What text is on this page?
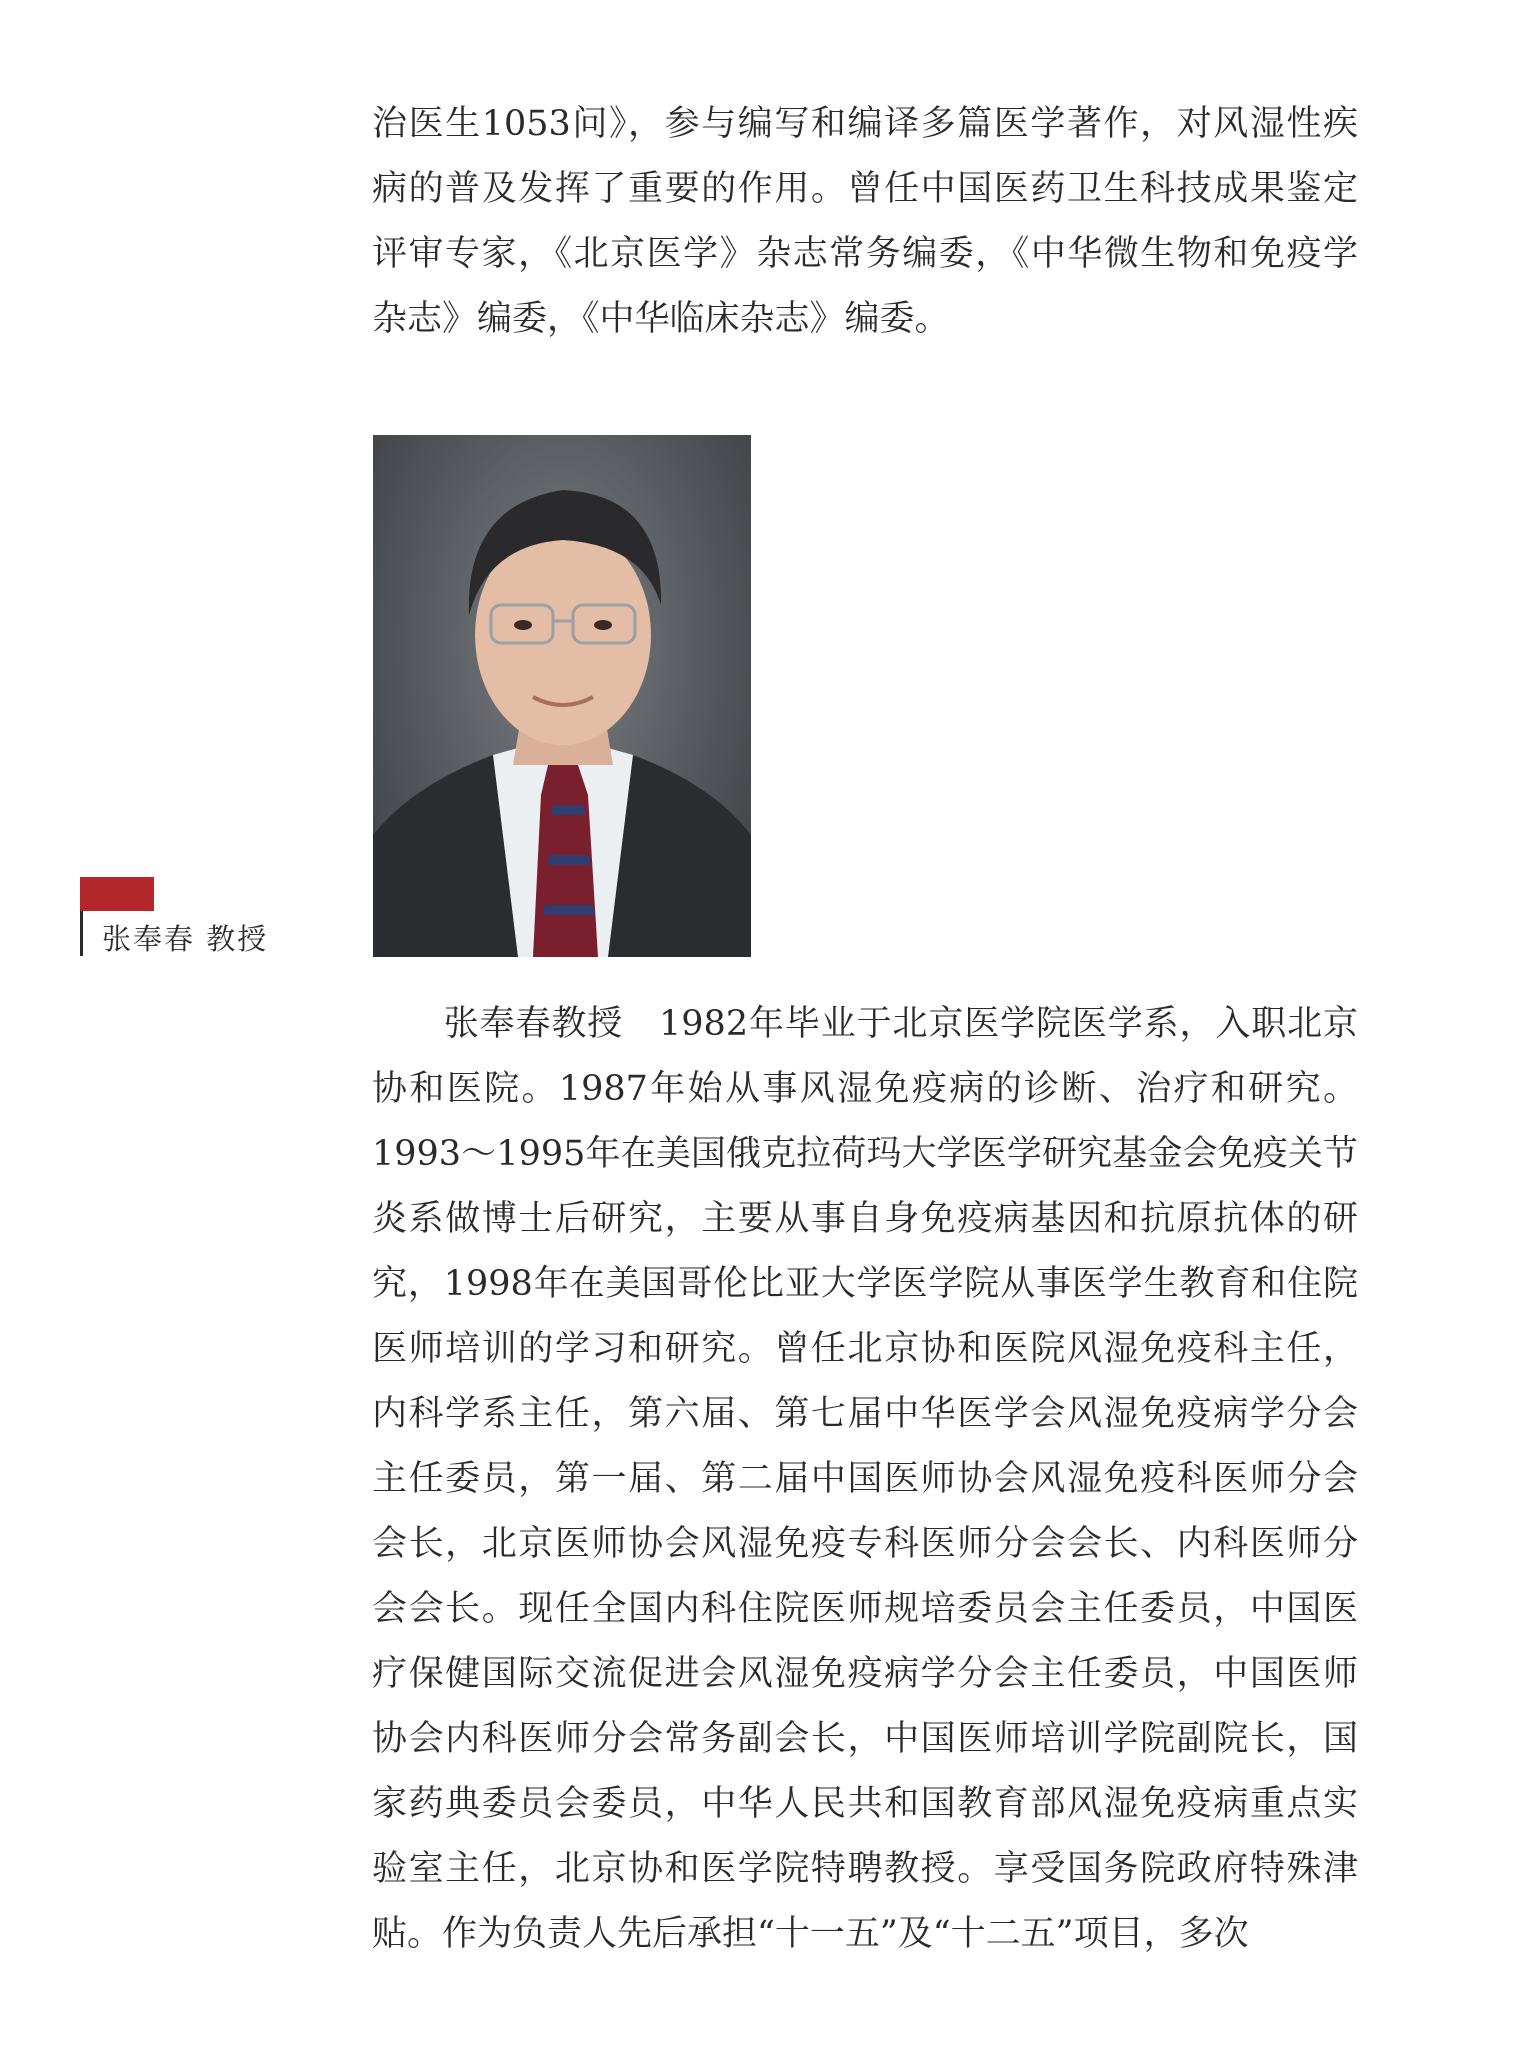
治医生1053问》，参与编写和编译多篇医学著作，对风湿性疾
病的普及发挥了重要的作用。曾任中国医药卫生科技成果鉴定
评审专家，《北京医学》杂志常务编委，《中华微生物和免疫学
杂志》编委，《中华临床杂志》编委。
张奉春 教授
　　张奉春教授　1982年毕业于北京医学院医学系，入职北京
协和医院。1987年始从事风湿免疫病的诊断、治疗和研究。
1993～1995年在美国俄克拉荷玛大学医学研究基金会免疫关节
炎系做博士后研究，主要从事自身免疫病基因和抗原抗体的研
究，1998年在美国哥伦比亚大学医学院从事医学生教育和住院
医师培训的学习和研究。曾任北京协和医院风湿免疫科主任，
内科学系主任，第六届、第七届中华医学会风湿免疫病学分会
主任委员，第一届、第二届中国医师协会风湿免疫科医师分会
会长，北京医师协会风湿免疫专科医师分会会长、内科医师分
会会长。现任全国内科住院医师规培委员会主任委员，中国医
疗保健国际交流促进会风湿免疫病学分会主任委员，中国医师
协会内科医师分会常务副会长，中国医师培训学院副院长，国
家药典委员会委员，中华人民共和国教育部风湿免疫病重点实
验室主任，北京协和医学院特聘教授。享受国务院政府特殊津
贴。作为负责人先后承担“十一五”及“十二五”项目，多次
